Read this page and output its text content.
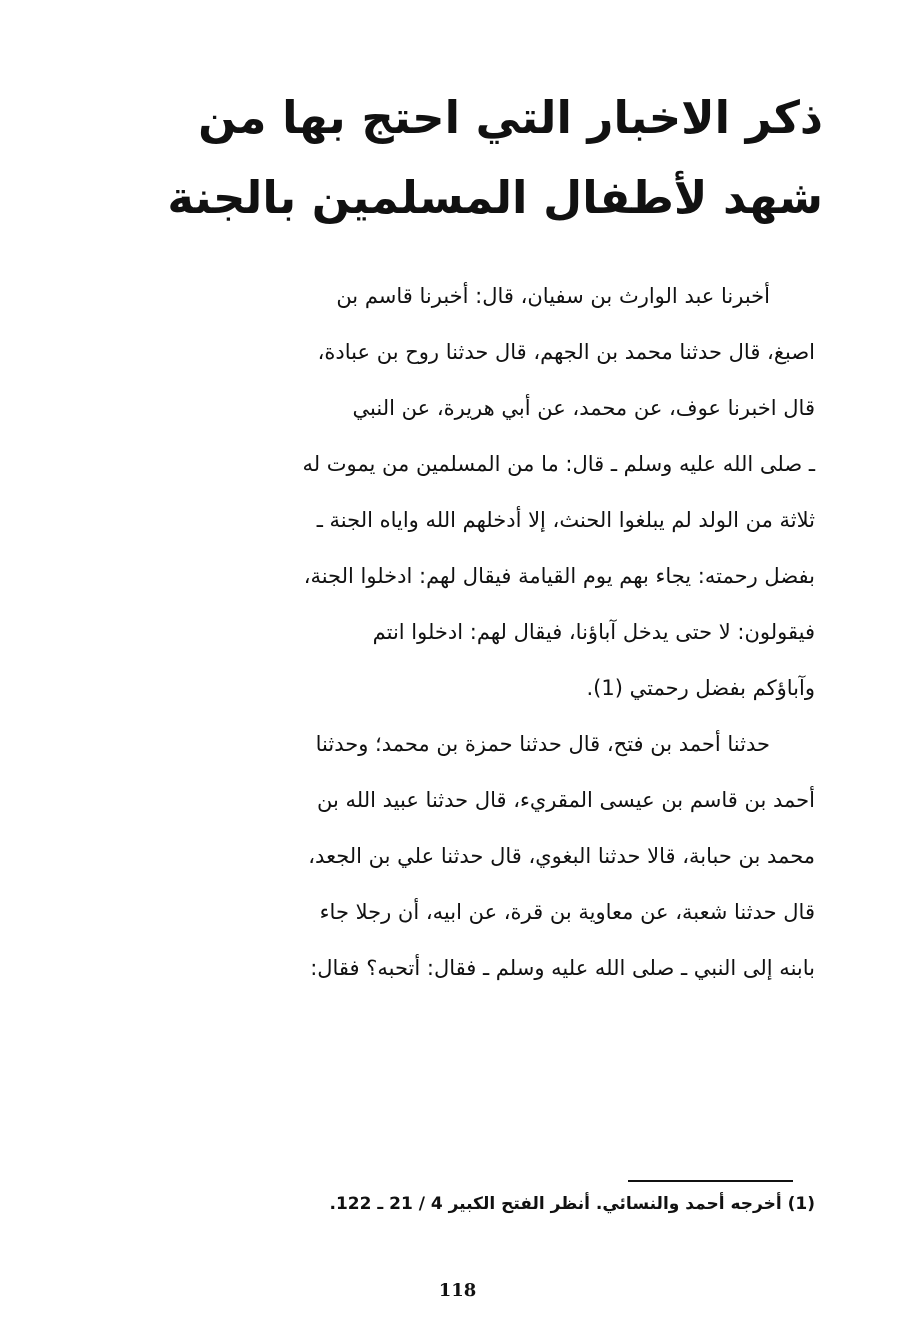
ذكر الاخبار التي احتج بها من
شهد لأطفال المسلمين بالجنة
أخبرنا عبد الوارث بن سفيان، قال: أخبرنا قاسم بن
اصبغ، قال حدثنا محمد بن الجهم، قال حدثنا روح بن عبادة،
قال اخبرنا عوف، عن محمد، عن أبي هريرة، عن النبي
ـ صلى الله عليه وسلم ـ قال: ما من المسلمين من يموت له
ثلاثة من الولد لم يبلغوا الحنث، إلا أدخلهم الله واياه الجنة ـ
بفضل رحمته: يجاء بهم يوم القيامة فيقال لهم: ادخلوا الجنة،
فيقولون: لا حتى يدخل آباؤنا، فيقال لهم: ادخلوا انتم
وآباؤكم بفضل رحمتي (1).
حدثنا أحمد بن فتح، قال حدثنا حمزة بن محمد؛ وحدثنا
أحمد بن قاسم بن عيسى المقريء، قال حدثنا عبيد الله بن
محمد بن حبابة، قالا حدثنا البغوي، قال حدثنا علي بن الجعد،
قال حدثنا شعبة، عن معاوية بن قرة، عن ابيه، أن رجلا جاء
بابنه إلى النبي ـ صلى الله عليه وسلم ـ فقال: أتحبه؟ فقال:
(1) أخرجه أحمد والنسائي. أنظر الفتح الكبير 4 / 21 ـ 122.
118
